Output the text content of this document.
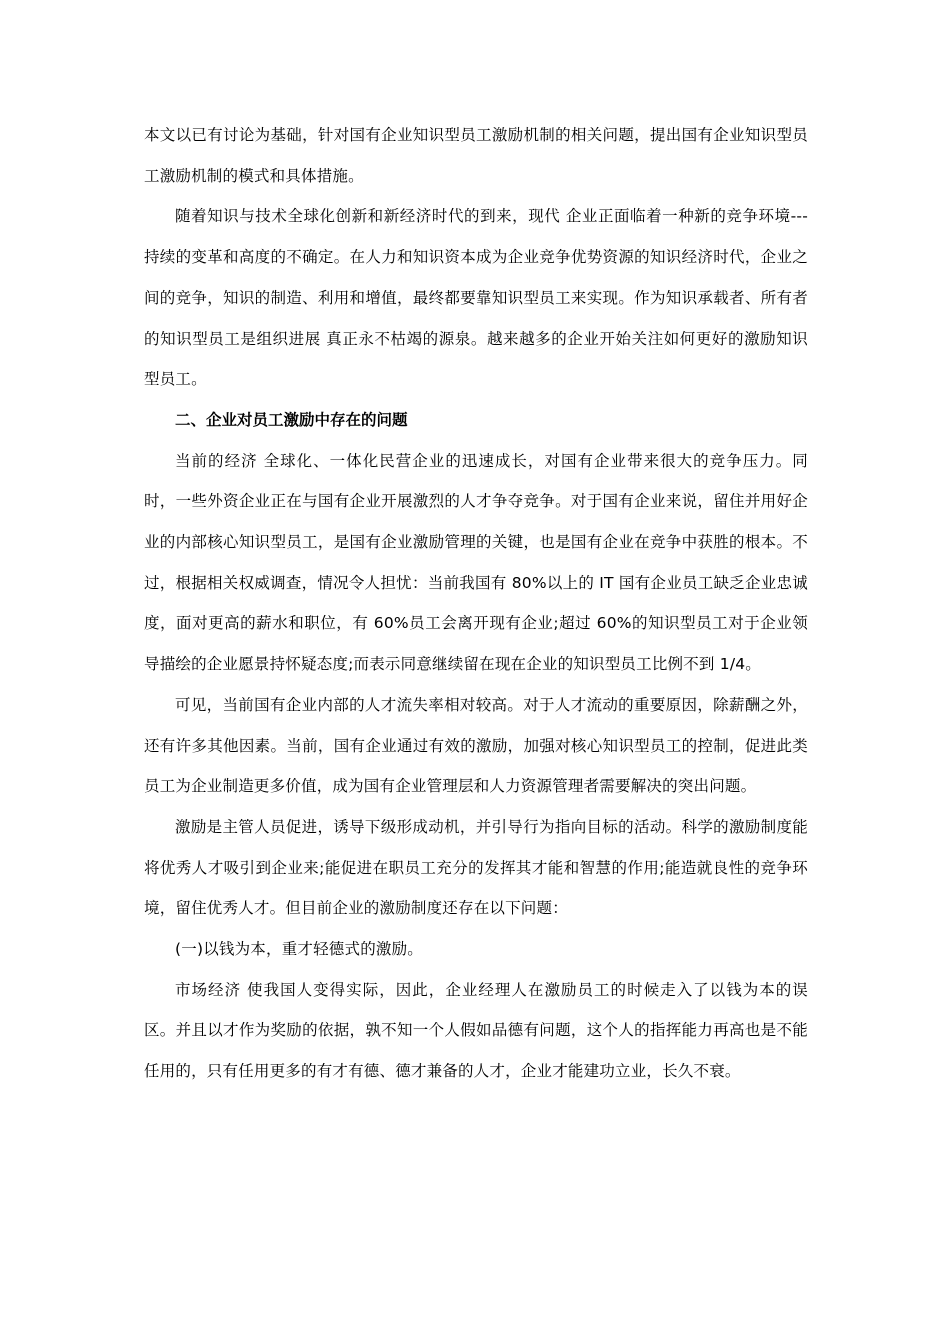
本文以已有讨论为基础，针对国有企业知识型员工激励机制的相关问题，提出国有企业知识型员工激励机制的模式和具体措施。

随着知识与技术全球化创新和新经济时代的到来，现代 企业正面临着一种新的竞争环境---持续的变革和高度的不确定。在人力和知识资本成为企业竞争优势资源的知识经济时代，企业之间的竞争，知识的制造、利用和增值，最终都要靠知识型员工来实现。作为知识承载者、所有者的知识型员工是组织进展 真正永不枯竭的源泉。越来越多的企业开始关注如何更好的激励知识型员工。

二、企业对员工激励中存在的问题

当前的经济 全球化、一体化民营企业的迅速成长，对国有企业带来很大的竞争压力。同时，一些外资企业正在与国有企业开展激烈的人才争夺竞争。对于国有企业来说，留住并用好企业的内部核心知识型员工，是国有企业激励管理的关键，也是国有企业在竞争中获胜的根本。不过，根据相关权威调查，情况令人担忧：当前我国有 80%以上的 IT 国有企业员工缺乏企业忠诚度，面对更高的薪水和职位，有 60%员工会离开现有企业;超过 60%的知识型员工对于企业领导描绘的企业愿景持怀疑态度;而表示同意继续留在现在企业的知识型员工比例不到 1/4。

可见，当前国有企业内部的人才流失率相对较高。对于人才流动的重要原因，除薪酬之外，还有许多其他因素。当前，国有企业通过有效的激励，加强对核心知识型员工的控制，促进此类员工为企业制造更多价值，成为国有企业管理层和人力资源管理者需要解决的突出问题。

激励是主管人员促进，诱导下级形成动机，并引导行为指向目标的活动。科学的激励制度能将优秀人才吸引到企业来;能促进在职员工充分的发挥其才能和智慧的作用;能造就良性的竞争环境，留住优秀人才。但目前企业的激励制度还存在以下问题：

(一)以钱为本，重才轻德式的激励。

市场经济 使我国人变得实际，因此，企业经理人在激励员工的时候走入了以钱为本的误区。并且以才作为奖励的依据，孰不知一个人假如品德有问题，这个人的指挥能力再高也是不能任用的，只有任用更多的有才有德、德才兼备的人才，企业才能建功立业，长久不衰。
